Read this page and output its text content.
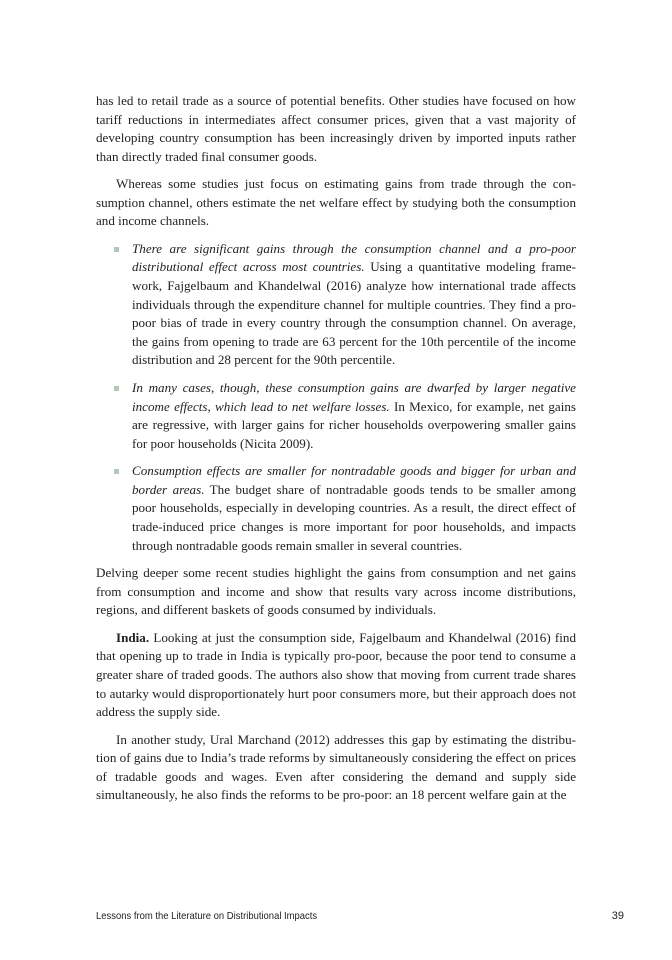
has led to retail trade as a source of potential benefits. Other studies have focused on how tariff reductions in intermediates affect consumer prices, given that a vast majority of developing country consumption has been increasingly driven by imported inputs rather than directly traded final consumer goods.

Whereas some studies just focus on estimating gains from trade through the consumption channel, others estimate the net welfare effect by studying both the consumption and income channels.

There are significant gains through the consumption channel and a pro-poor distributional effect across most countries. Using a quantitative modeling framework, Fajgelbaum and Khandelwal (2016) analyze how international trade affects individuals through the expenditure channel for multiple countries. They find a pro-poor bias of trade in every country through the consumption channel. On average, the gains from opening to trade are 63 percent for the 10th percentile of the income distribution and 28 percent for the 90th percentile.
In many cases, though, these consumption gains are dwarfed by larger negative income effects, which lead to net welfare losses. In Mexico, for example, net gains are regressive, with larger gains for richer households overpowering smaller gains for poor households (Nicita 2009).
Consumption effects are smaller for nontradable goods and bigger for urban and border areas. The budget share of nontradable goods tends to be smaller among poor households, especially in developing countries. As a result, the direct effect of trade-induced price changes is more important for poor households, and impacts through nontradable goods remain smaller in several countries.

Delving deeper some recent studies highlight the gains from consumption and net gains from consumption and income and show that results vary across income distributions, regions, and different baskets of goods consumed by individuals.

India. Looking at just the consumption side, Fajgelbaum and Khandelwal (2016) find that opening up to trade in India is typically pro-poor, because the poor tend to consume a greater share of traded goods. The authors also show that moving from current trade shares to autarky would disproportionately hurt poor consumers more, but their approach does not address the supply side.

In another study, Ural Marchand (2012) addresses this gap by estimating the distribution of gains due to India’s trade reforms by simultaneously considering the effect on prices of tradable goods and wages. Even after considering the demand and supply side simultaneously, he also finds the reforms to be pro-poor: an 18 percent welfare gain at the

Lessons from the Literature on Distributional Impacts	39
